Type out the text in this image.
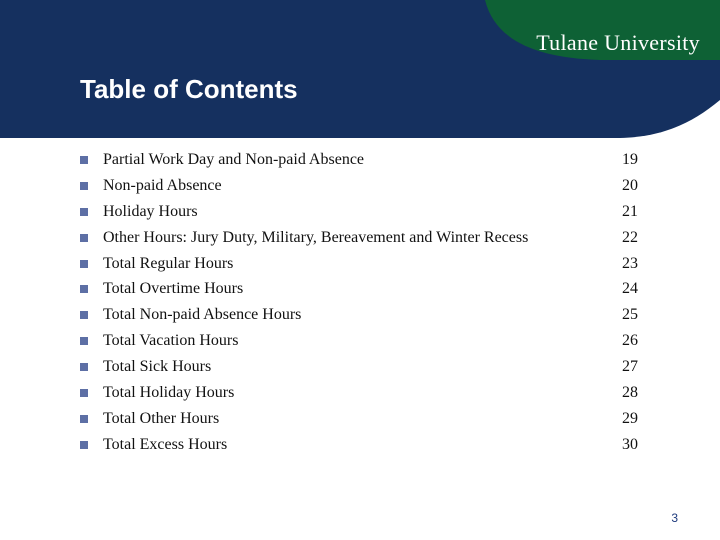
Tulane University
Table of Contents
Partial Work Day and Non-paid Absence	19
Non-paid Absence	20
Holiday Hours	21
Other Hours: Jury Duty, Military, Bereavement and Winter Recess	22
Total Regular Hours	23
Total Overtime Hours	24
Total Non-paid Absence Hours	25
Total Vacation Hours	26
Total Sick Hours	27
Total Holiday Hours	28
Total Other Hours	29
Total Excess Hours	30
3
